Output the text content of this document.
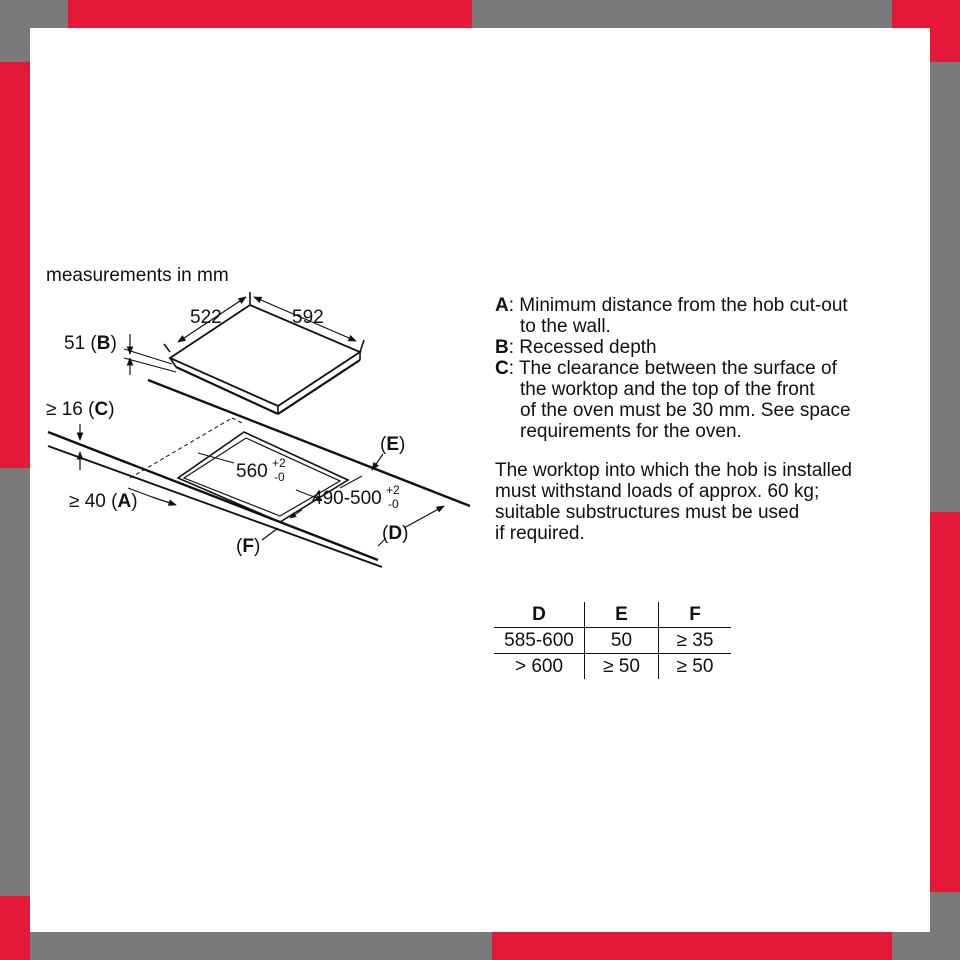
measurements in mm
522	592
51 (B)
≥ 16 (C)
(E)
560 +2
-0
490-500 +2
-0
≥ 40 (A)
(D)
(F)
A: Minimum distance from the hob cut-out
to the wall.
B: Recessed depth
C: The clearance between the surface of
the worktop and the top of the front
of the oven must be 30 mm. See space
requirements for the oven.
The worktop into which the hob is installed
must withstand loads of approx. 60 kg;
suitable substructures must be used
if required.
D	E	F
585-600	50	≥ 35
> 600	≥ 50	≥ 50
